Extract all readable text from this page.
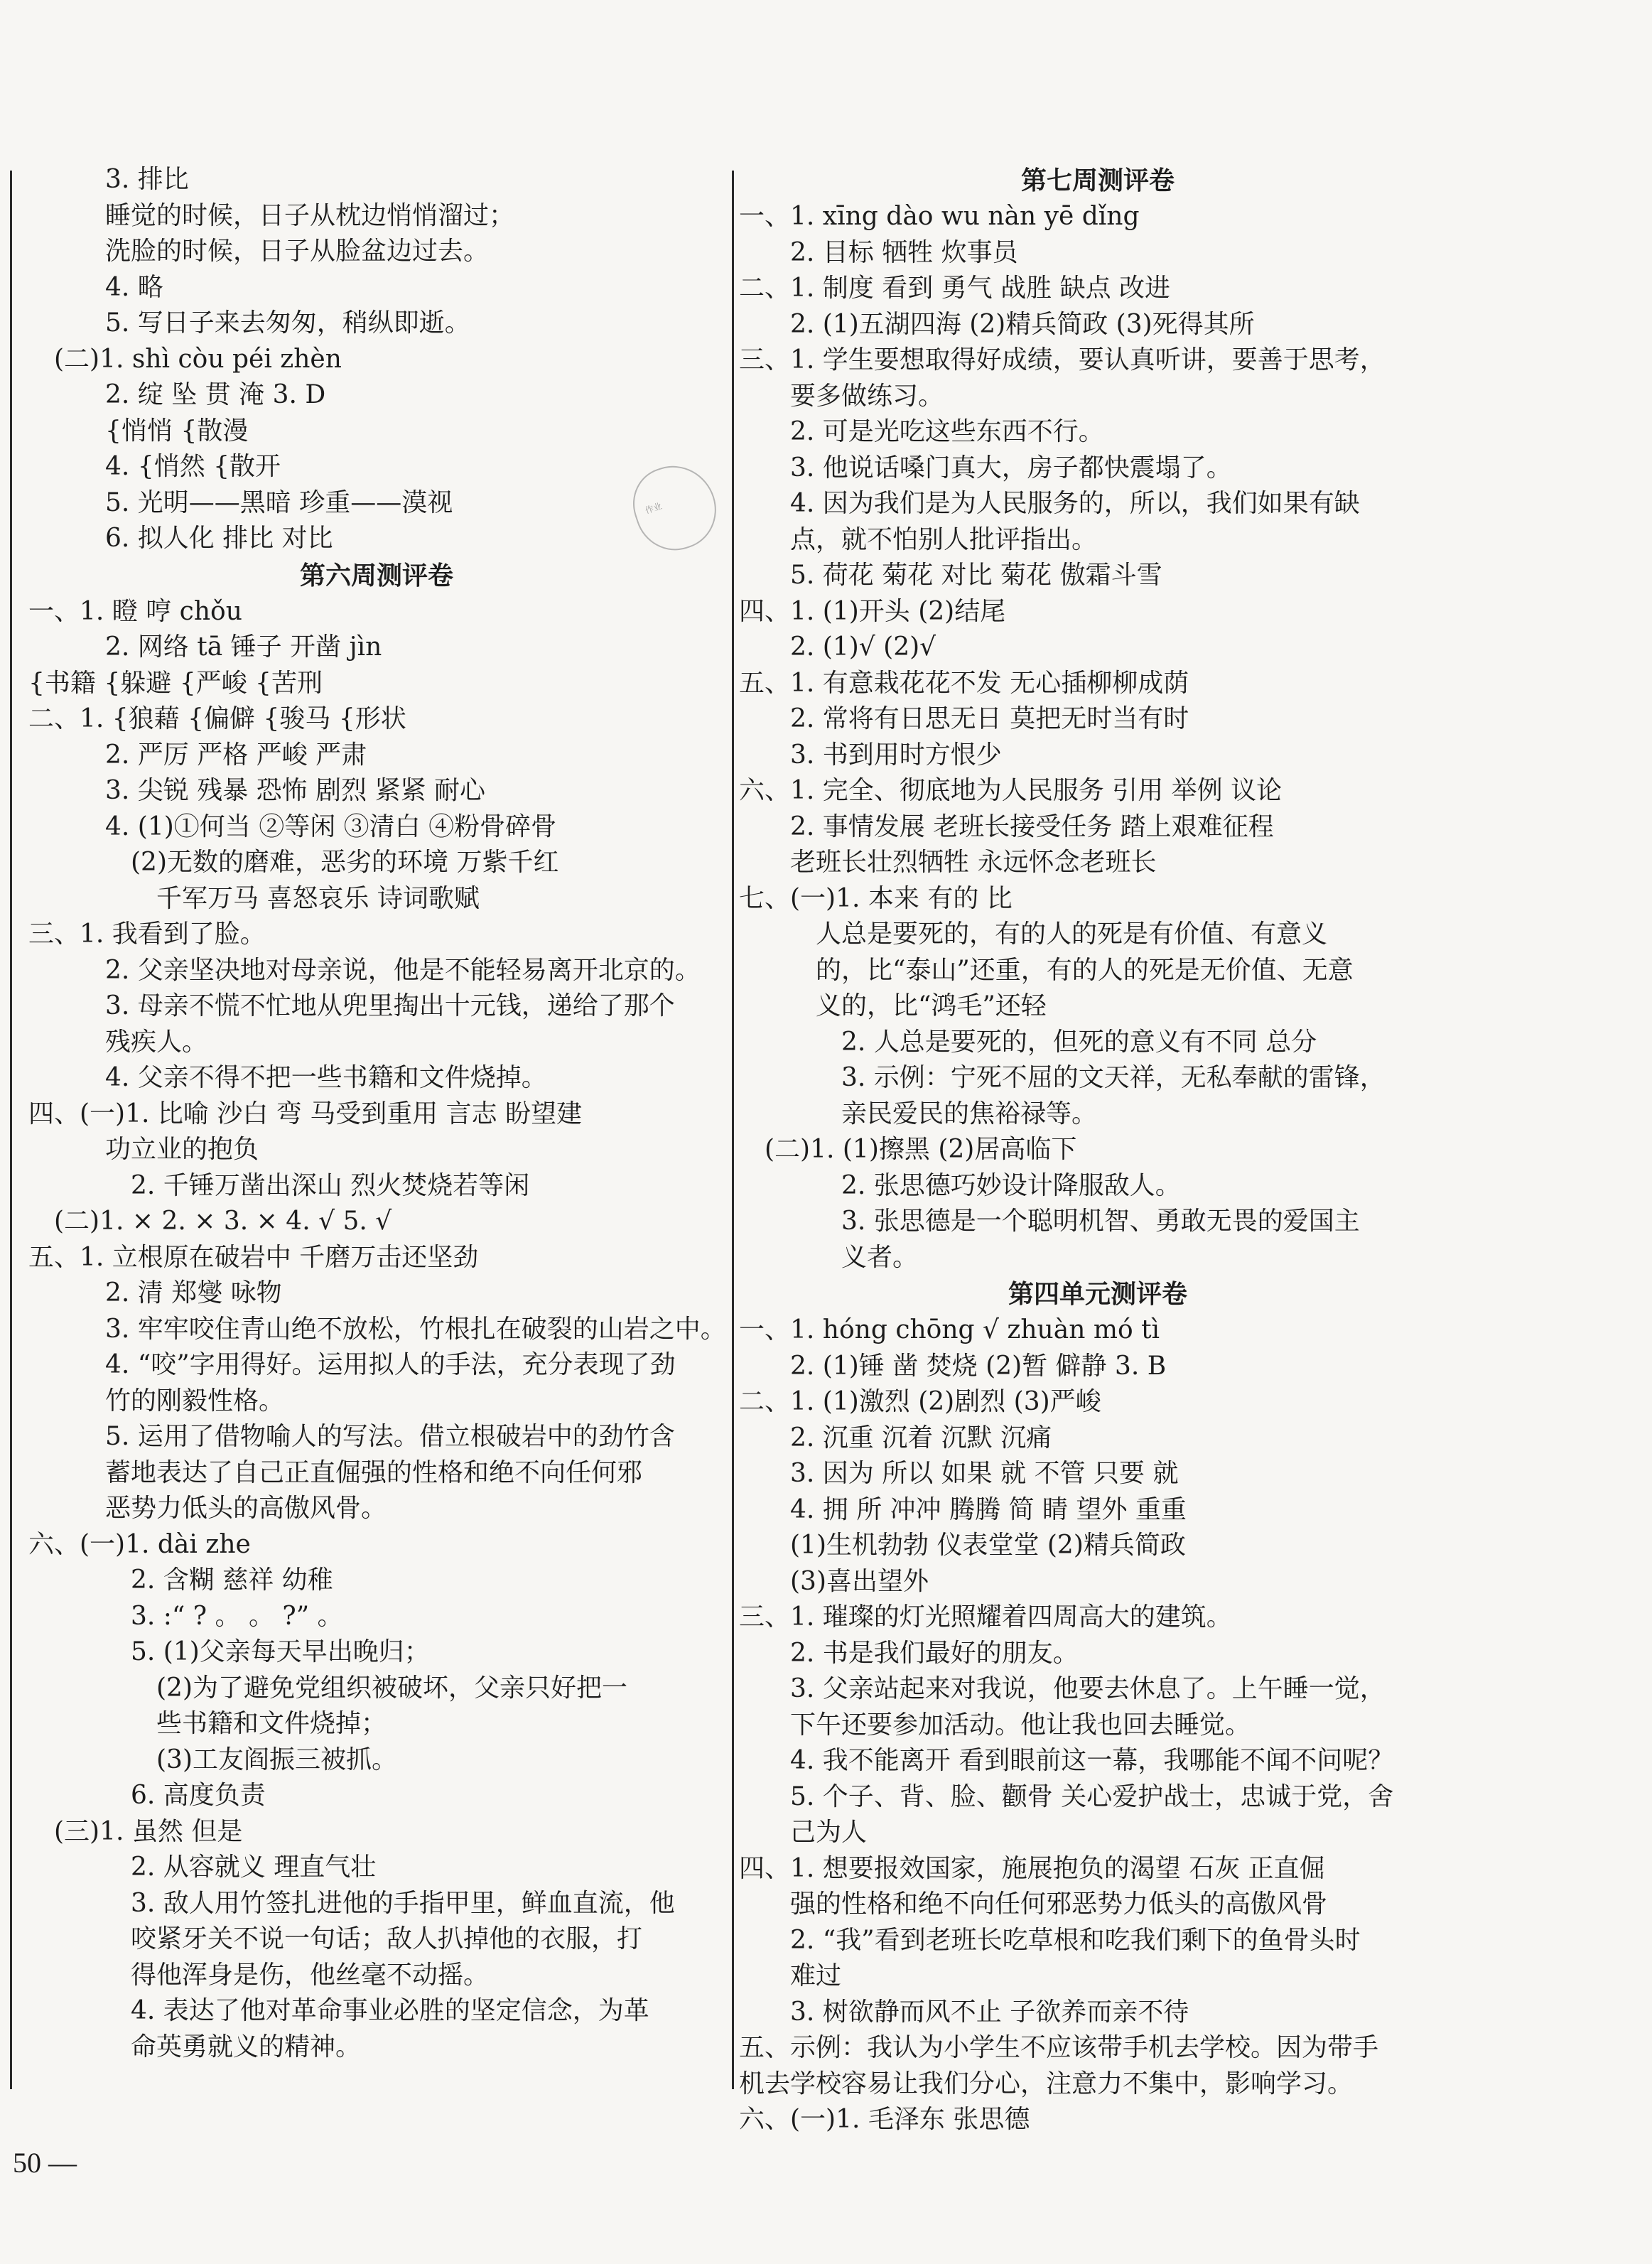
作业
3. 排比
睡觉的时候，日子从枕边悄悄溜过；
洗脸的时候，日子从脸盆边过去。
4. 略
5. 写日子来去匆匆，稍纵即逝。
(二)1. shì còu péi zhèn
2. 绽 坠 贯 淹 3. D
{悄悄 {散漫
4. {悄然 {散开
5. 光明——黑暗 珍重——漠视
6. 拟人化 排比 对比
第六周测评卷
一、1. 瞪 哼 chǒu
2. 网络 tā 锤子 开凿 jìn
{书籍 {躲避 {严峻 {苦刑
二、1. {狼藉 {偏僻 {骏马 {形状
2. 严厉 严格 严峻 严肃
3. 尖锐 残暴 恐怖 剧烈 紧紧 耐心
4. (1)①何当 ②等闲 ③清白 ④粉骨碎骨
(2)无数的磨难，恶劣的环境 万紫千红
千军万马 喜怒哀乐 诗词歌赋
三、1. 我看到了脸。
2. 父亲坚决地对母亲说，他是不能轻易离开北京的。
3. 母亲不慌不忙地从兜里掏出十元钱，递给了那个
残疾人。
4. 父亲不得不把一些书籍和文件烧掉。
四、(一)1. 比喻 沙白 弯 马受到重用 言志 盼望建
功立业的抱负
2. 千锤万凿出深山 烈火焚烧若等闲
(二)1. × 2. × 3. × 4. √ 5. √
五、1. 立根原在破岩中 千磨万击还坚劲
2. 清 郑燮 咏物
3. 牢牢咬住青山绝不放松，竹根扎在破裂的山岩之中。
4. “咬”字用得好。运用拟人的手法，充分表现了劲
竹的刚毅性格。
5. 运用了借物喻人的写法。借立根破岩中的劲竹含
蓄地表达了自己正直倔强的性格和绝不向任何邪
恶势力低头的高傲风骨。
六、(一)1. dài zhe
2. 含糊 慈祥 幼稚
3. :“ ? 。 。 ?” 。
5. (1)父亲每天早出晚归；
(2)为了避免党组织被破坏，父亲只好把一
些书籍和文件烧掉；
(3)工友阎振三被抓。
6. 高度负责
(三)1. 虽然 但是
2. 从容就义 理直气壮
3. 敌人用竹签扎进他的手指甲里，鲜血直流，他
咬紧牙关不说一句话；敌人扒掉他的衣服，打
得他浑身是伤，他丝毫不动摇。
4. 表达了他对革命事业必胜的坚定信念，为革
命英勇就义的精神。
第七周测评卷
一、1. xīng dào wu nàn yē dǐng
2. 目标 牺牲 炊事员
二、1. 制度 看到 勇气 战胜 缺点 改进
2. (1)五湖四海 (2)精兵简政 (3)死得其所
三、1. 学生要想取得好成绩，要认真听讲，要善于思考，
要多做练习。
2. 可是光吃这些东西不行。
3. 他说话嗓门真大，房子都快震塌了。
4. 因为我们是为人民服务的，所以，我们如果有缺
点，就不怕别人批评指出。
5. 荷花 菊花 对比 菊花 傲霜斗雪
四、1. (1)开头 (2)结尾
2. (1)√ (2)√
五、1. 有意栽花花不发 无心插柳柳成荫
2. 常将有日思无日 莫把无时当有时
3. 书到用时方恨少
六、1. 完全、彻底地为人民服务 引用 举例 议论
2. 事情发展 老班长接受任务 踏上艰难征程
老班长壮烈牺牲 永远怀念老班长
七、(一)1. 本来 有的 比
人总是要死的，有的人的死是有价值、有意义
的，比“泰山”还重，有的人的死是无价值、无意
义的，比“鸿毛”还轻
2. 人总是要死的，但死的意义有不同 总分
3. 示例：宁死不屈的文天祥，无私奉献的雷锋，
亲民爱民的焦裕禄等。
(二)1. (1)擦黑 (2)居高临下
2. 张思德巧妙设计降服敌人。
3. 张思德是一个聪明机智、勇敢无畏的爱国主
义者。
第四单元测评卷
一、1. hóng chōng √ zhuàn mó tì
2. (1)锤 凿 焚烧 (2)暂 僻静 3. B
二、1. (1)激烈 (2)剧烈 (3)严峻
2. 沉重 沉着 沉默 沉痛
3. 因为 所以 如果 就 不管 只要 就
4. 拥 所 冲冲 腾腾 简 睛 望外 重重
(1)生机勃勃 仪表堂堂 (2)精兵简政
(3)喜出望外
三、1. 璀璨的灯光照耀着四周高大的建筑。
2. 书是我们最好的朋友。
3. 父亲站起来对我说，他要去休息了。上午睡一觉，
下午还要参加活动。他让我也回去睡觉。
4. 我不能离开 看到眼前这一幕，我哪能不闻不问呢？
5. 个子、背、脸、颧骨 关心爱护战士，忠诚于党，舍
己为人
四、1. 想要报效国家，施展抱负的渴望 石灰 正直倔
强的性格和绝不向任何邪恶势力低头的高傲风骨
2. “我”看到老班长吃草根和吃我们剩下的鱼骨头时
难过
3. 树欲静而风不止 子欲养而亲不待
五、示例：我认为小学生不应该带手机去学校。因为带手
机去学校容易让我们分心，注意力不集中，影响学习。
六、(一)1. 毛泽东 张思德
50 —
